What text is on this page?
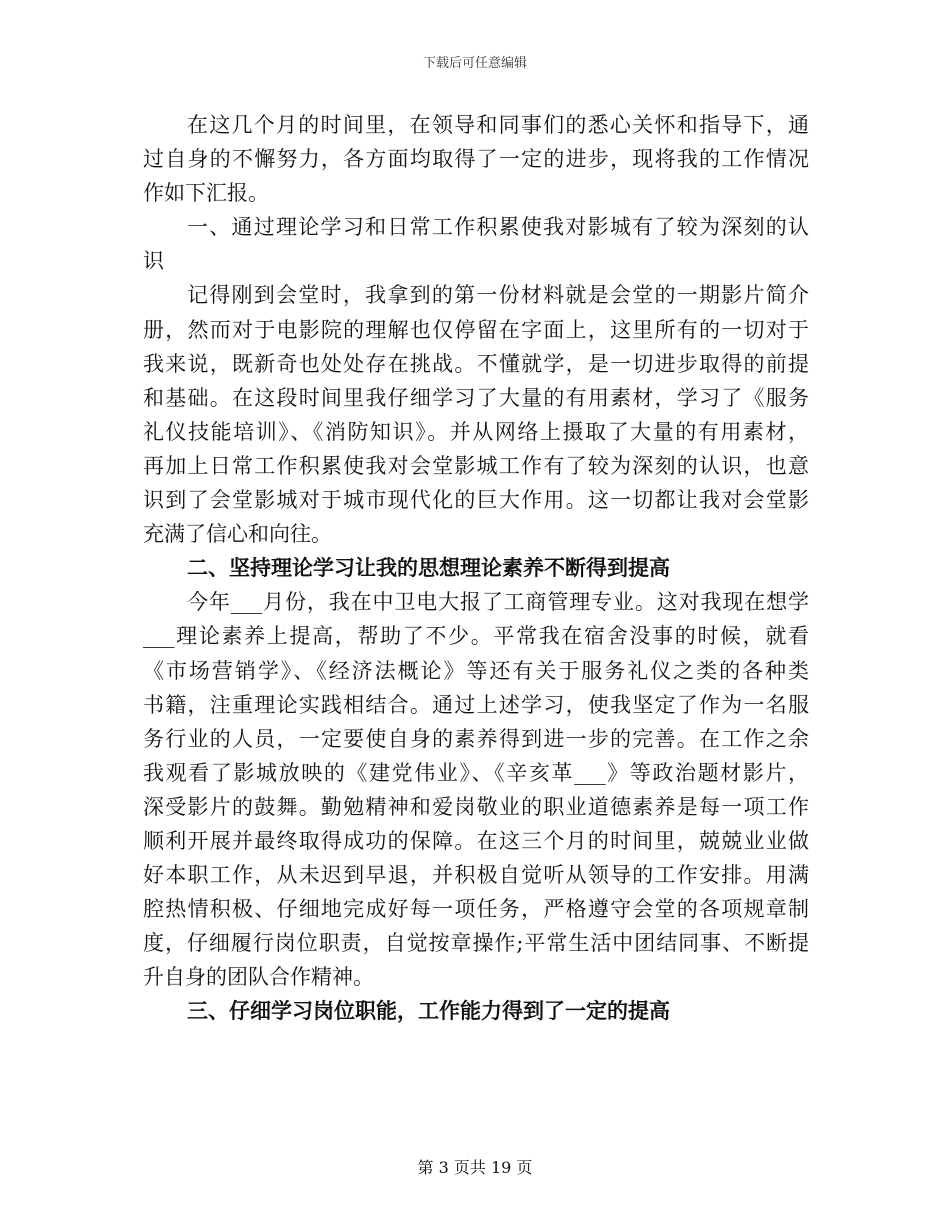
下载后可任意编辑
在这几个月的时间里，在领导和同事们的悉心关怀和指导下，通
过自身的不懈努力，各方面均取得了一定的进步，现将我的工作情况
作如下汇报。
一、通过理论学习和日常工作积累使我对影城有了较为深刻的认
识
记得刚到会堂时，我拿到的第一份材料就是会堂的一期影片简介
册，然而对于电影院的理解也仅停留在字面上，这里所有的一切对于
我来说，既新奇也处处存在挑战。不懂就学，是一切进步取得的前提
和基础。在这段时间里我仔细学习了大量的有用素材，学习了《服务
礼仪技能培训》、《消防知识》。并从网络上摄取了大量的有用素材，
再加上日常工作积累使我对会堂影城工作有了较为深刻的认识，也意
识到了会堂影城对于城市现代化的巨大作用。这一切都让我对会堂影
充满了信心和向往。
二、坚持理论学习让我的思想理论素养不断得到提高
今年___月份，我在中卫电大报了工商管理专业。这对我现在想学
___理论素养上提高，帮助了不少。平常我在宿舍没事的时候，就看
《市场营销学》、《经济法概论》等还有关于服务礼仪之类的各种类
书籍，注重理论实践相结合。通过上述学习，使我坚定了作为一名服
务行业的人员，一定要使自身的素养得到进一步的完善。在工作之余
我观看了影城放映的《建党伟业》、《辛亥革___》等政治题材影片，
深受影片的鼓舞。勤勉精神和爱岗敬业的职业道德素养是每一项工作
顺利开展并最终取得成功的保障。在这三个月的时间里，兢兢业业做
好本职工作，从未迟到早退，并积极自觉听从领导的工作安排。用满
腔热情积极、仔细地完成好每一项任务，严格遵守会堂的各项规章制
度，仔细履行岗位职责，自觉按章操作;平常生活中团结同事、不断提
升自身的团队合作精神。
三、仔细学习岗位职能，工作能力得到了一定的提高
第 3 页共 19 页
